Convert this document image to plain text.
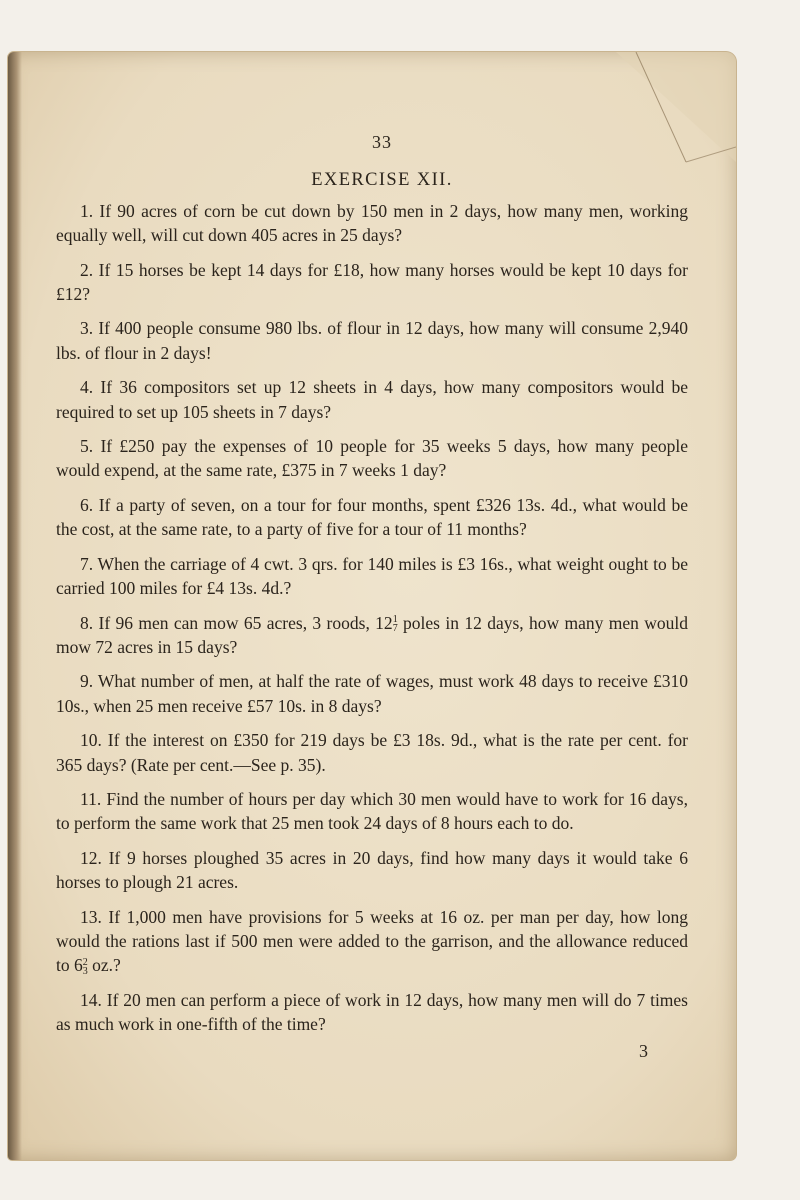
33
EXERCISE XII.

1. If 90 acres of corn be cut down by 150 men in 2 days, how many men, working equally well, will cut down 405 acres in 25 days?

2. If 15 horses be kept 14 days for £18, how many horses would be kept 10 days for £12?

3. If 400 people consume 980 lbs. of flour in 12 days, how many will consume 2,940 lbs. of flour in 2 days!

4. If 36 compositors set up 12 sheets in 4 days, how many compositors would be required to set up 105 sheets in 7 days?

5. If £250 pay the expenses of 10 people for 35 weeks 5 days, how many people would expend, at the same rate, £375 in 7 weeks 1 day?

6. If a party of seven, on a tour for four months, spent £326 13s. 4d., what would be the cost, at the same rate, to a party of five for a tour of 11 months?

7. When the carriage of 4 cwt. 3 qrs. for 140 miles is £3 16s., what weight ought to be carried 100 miles for £4 13s. 4d.?

8. If 96 men can mow 65 acres, 3 roods, 12 1
7 poles in 12 days, how many men would mow 72 acres in 15 days?

9. What number of men, at half the rate of wages, must work 48 days to receive £310 10s., when 25 men receive £57 10s. in 8 days?

10. If the interest on £350 for 219 days be £3 18s. 9d., what is the rate per cent. for 365 days? (Rate per cent.—See p. 35).

11. Find the number of hours per day which 30 men would have to work for 16 days, to perform the same work that 25 men took 24 days of 8 hours each to do.

12. If 9 horses ploughed 35 acres in 20 days, find how many days it would take 6 horses to plough 21 acres.

13. If 1,000 men have provisions for 5 weeks at 16 oz. per man per day, how long would the rations last if 500 men were added to the garrison, and the allowance reduced to 6 2
3 oz.?

14. If 20 men can perform a piece of work in 12 days, how many men will do 7 times as much work in one-fifth of the time?

3
